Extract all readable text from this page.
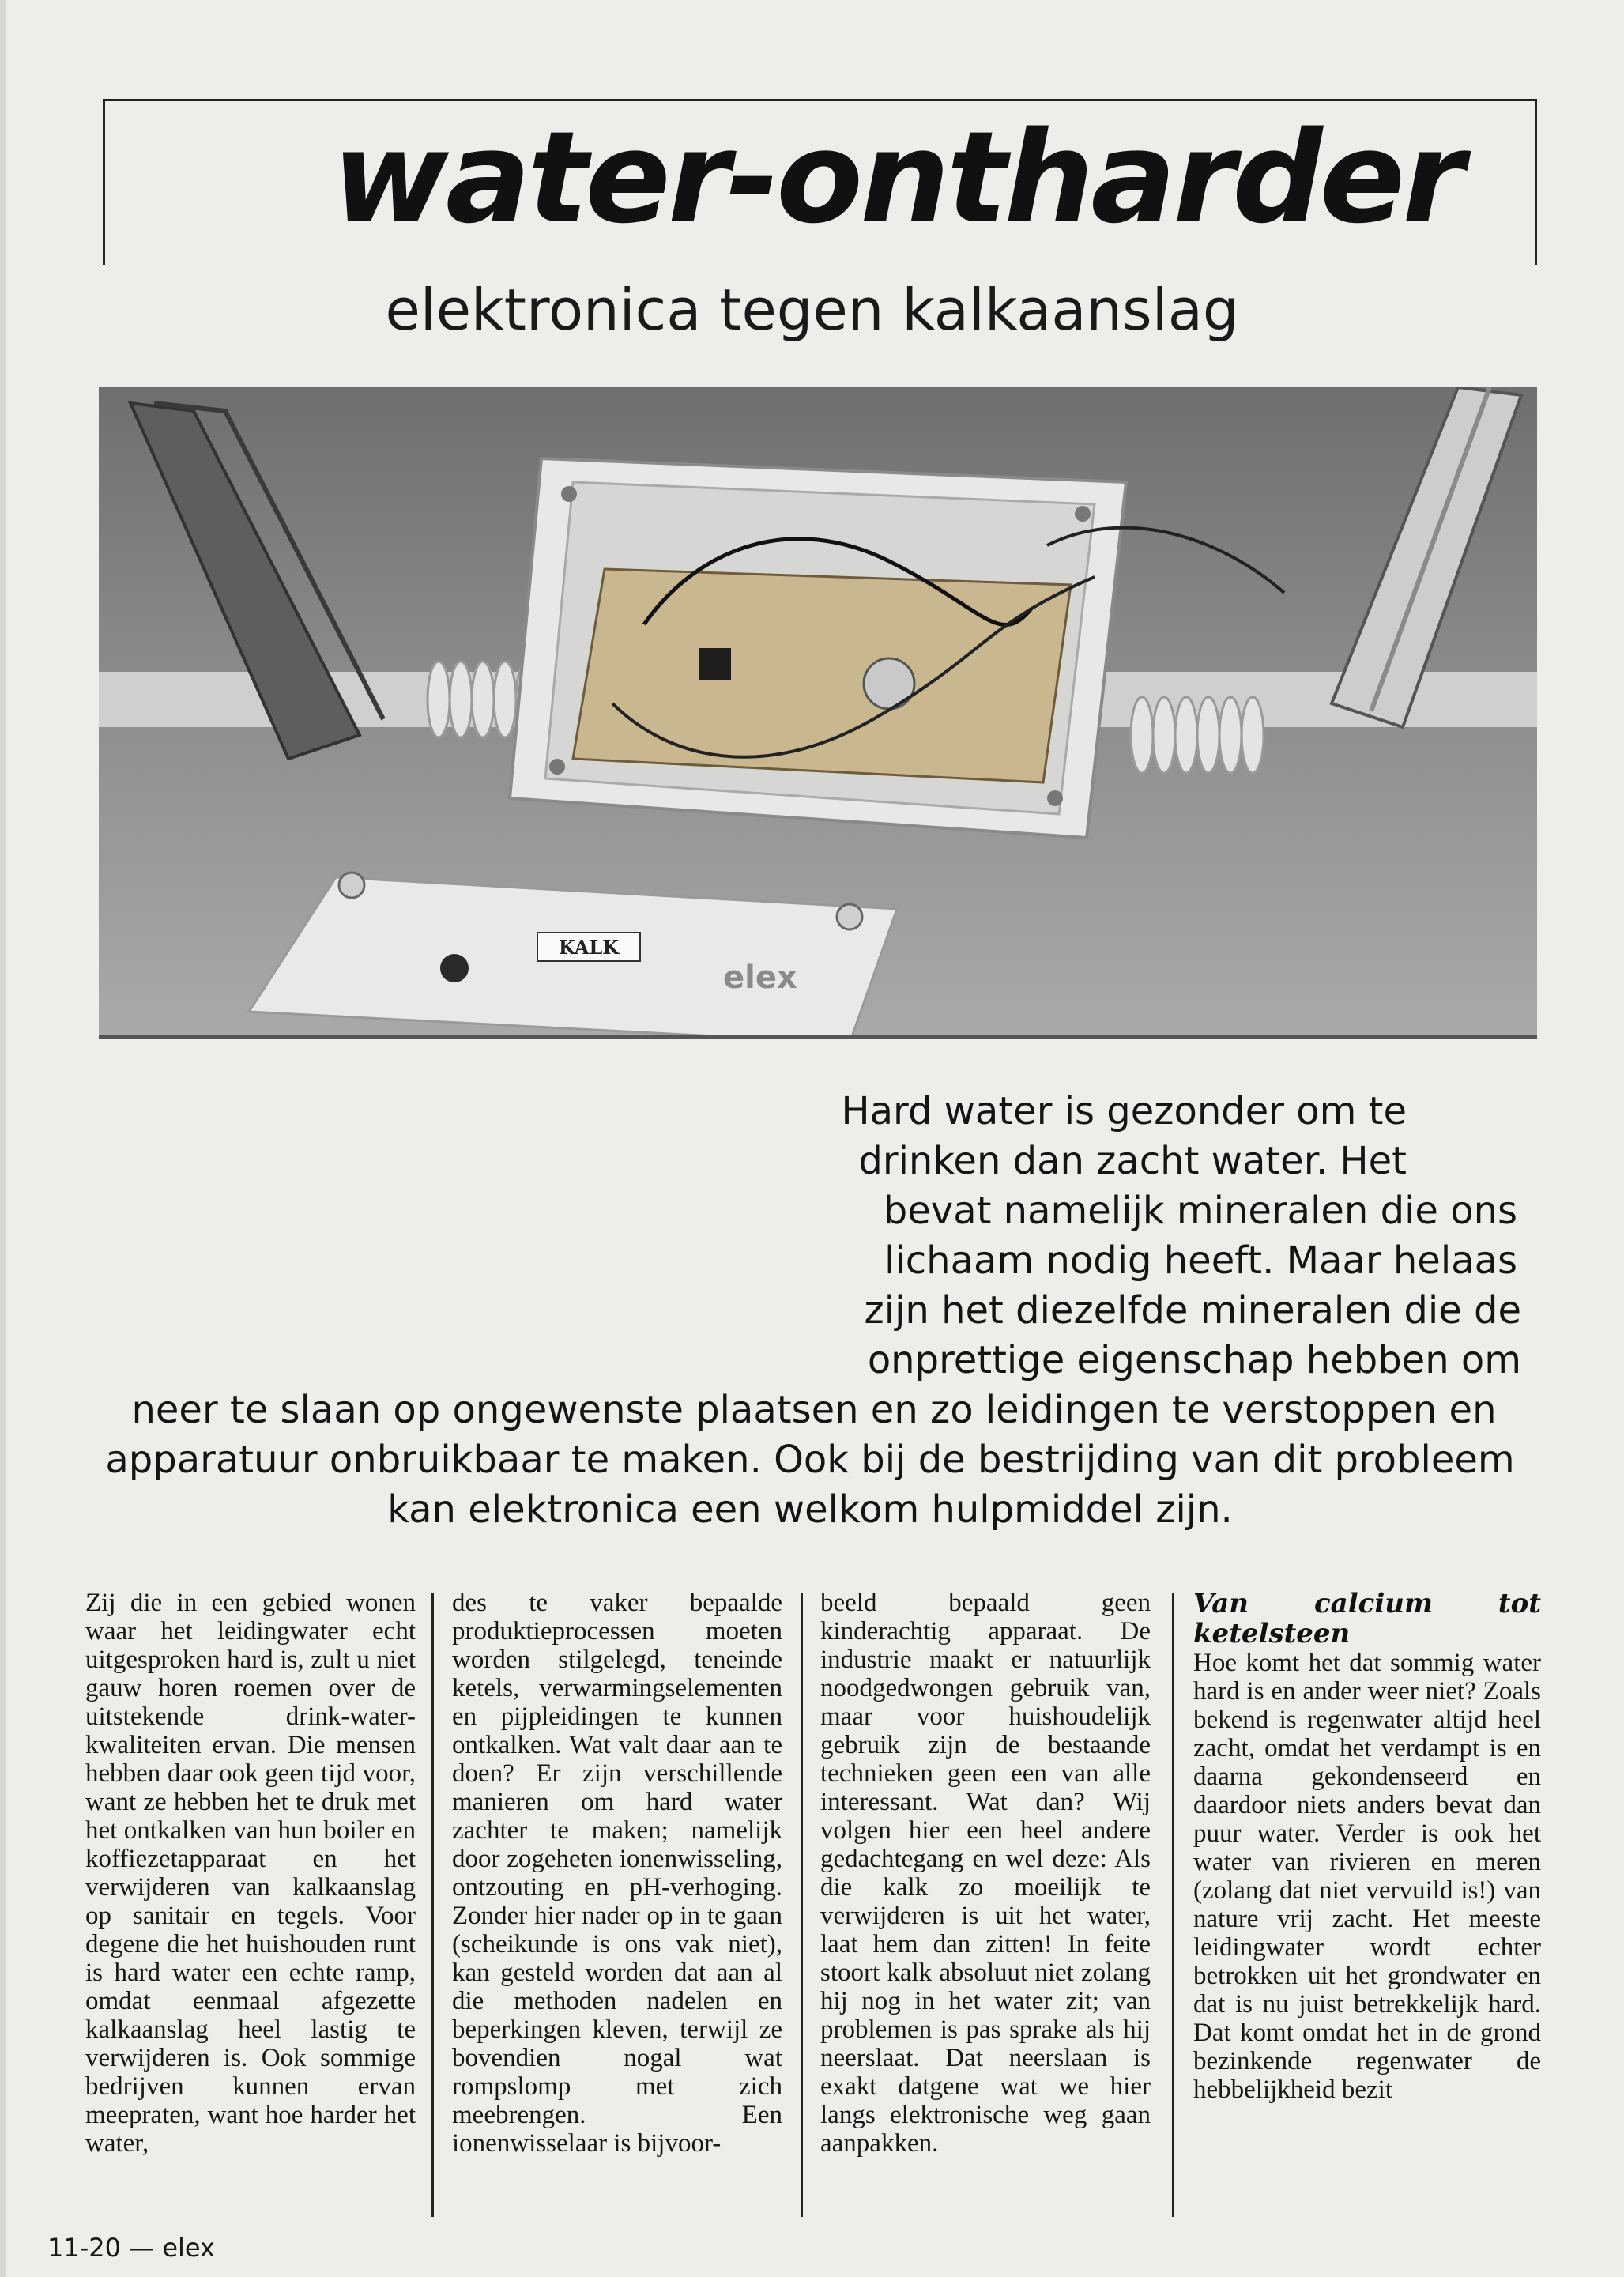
water-ontharder
elektronica tegen kalkaanslag
KALK
elex
Hard water is gezonder om te
drinken dan zacht water. Het
bevat namelijk mineralen die ons
lichaam nodig heeft. Maar helaas
zijn het diezelfde mineralen die de
onprettige eigenschap hebben om
neer te slaan op ongewenste plaatsen en zo leidingen te verstoppen en
apparatuur onbruikbaar te maken. Ook bij de bestrijding van dit probleem
kan elektronica een welkom hulpmiddel zijn.

Zij die in een gebied wonen waar het leidingwater echt uitgesproken hard is, zult u niet gauw horen roemen over de uitstekende drink-water-kwaliteiten ervan. Die mensen hebben daar ook geen tijd voor, want ze hebben het te druk met het ontkalken van hun boiler en koffiezetapparaat en het verwijderen van kalkaanslag op sanitair en tegels. Voor degene die het huishouden runt is hard water een echte ramp, omdat eenmaal afgezette kalkaanslag heel lastig te verwijderen is. Ook sommige bedrijven kunnen ervan meepraten, want hoe harder het water,

des te vaker bepaalde produktieprocessen moeten worden stilgelegd, teneinde ketels, verwarmingselementen en pijpleidingen te kunnen ontkalken. Wat valt daar aan te doen? Er zijn verschillende manieren om hard water zachter te maken; namelijk door zogeheten ionenwisseling, ontzouting en pH-verhoging. Zonder hier nader op in te gaan (scheikunde is ons vak niet), kan gesteld worden dat aan al die methoden nadelen en beperkingen kleven, terwijl ze bovendien nogal wat rompslomp met zich meebrengen. Een ionenwisselaar is bijvoor-

beeld bepaald geen kinderachtig apparaat. De industrie maakt er natuurlijk noodgedwongen gebruik van, maar voor huishoudelijk gebruik zijn de bestaande technieken geen een van alle interessant. Wat dan? Wij volgen hier een heel andere gedachtegang en wel deze: Als die kalk zo moeilijk te verwijderen is uit het water, laat hem dan zitten! In feite stoort kalk absoluut niet zolang hij nog in het water zit; van problemen is pas sprake als hij neerslaat. Dat neerslaan is exakt datgene wat we hier langs elektronische weg gaan aanpakken.

Van calcium tot ketelsteen

Hoe komt het dat sommig water hard is en ander weer niet? Zoals bekend is regenwater altijd heel zacht, omdat het verdampt is en daarna gekondenseerd en daardoor niets anders bevat dan puur water. Verder is ook het water van rivieren en meren (zolang dat niet vervuild is!) van nature vrij zacht. Het meeste leidingwater wordt echter betrokken uit het grondwater en dat is nu juist betrekkelijk hard. Dat komt omdat het in de grond bezinkende regenwater de hebbelijkheid bezit

11-20 — elex
